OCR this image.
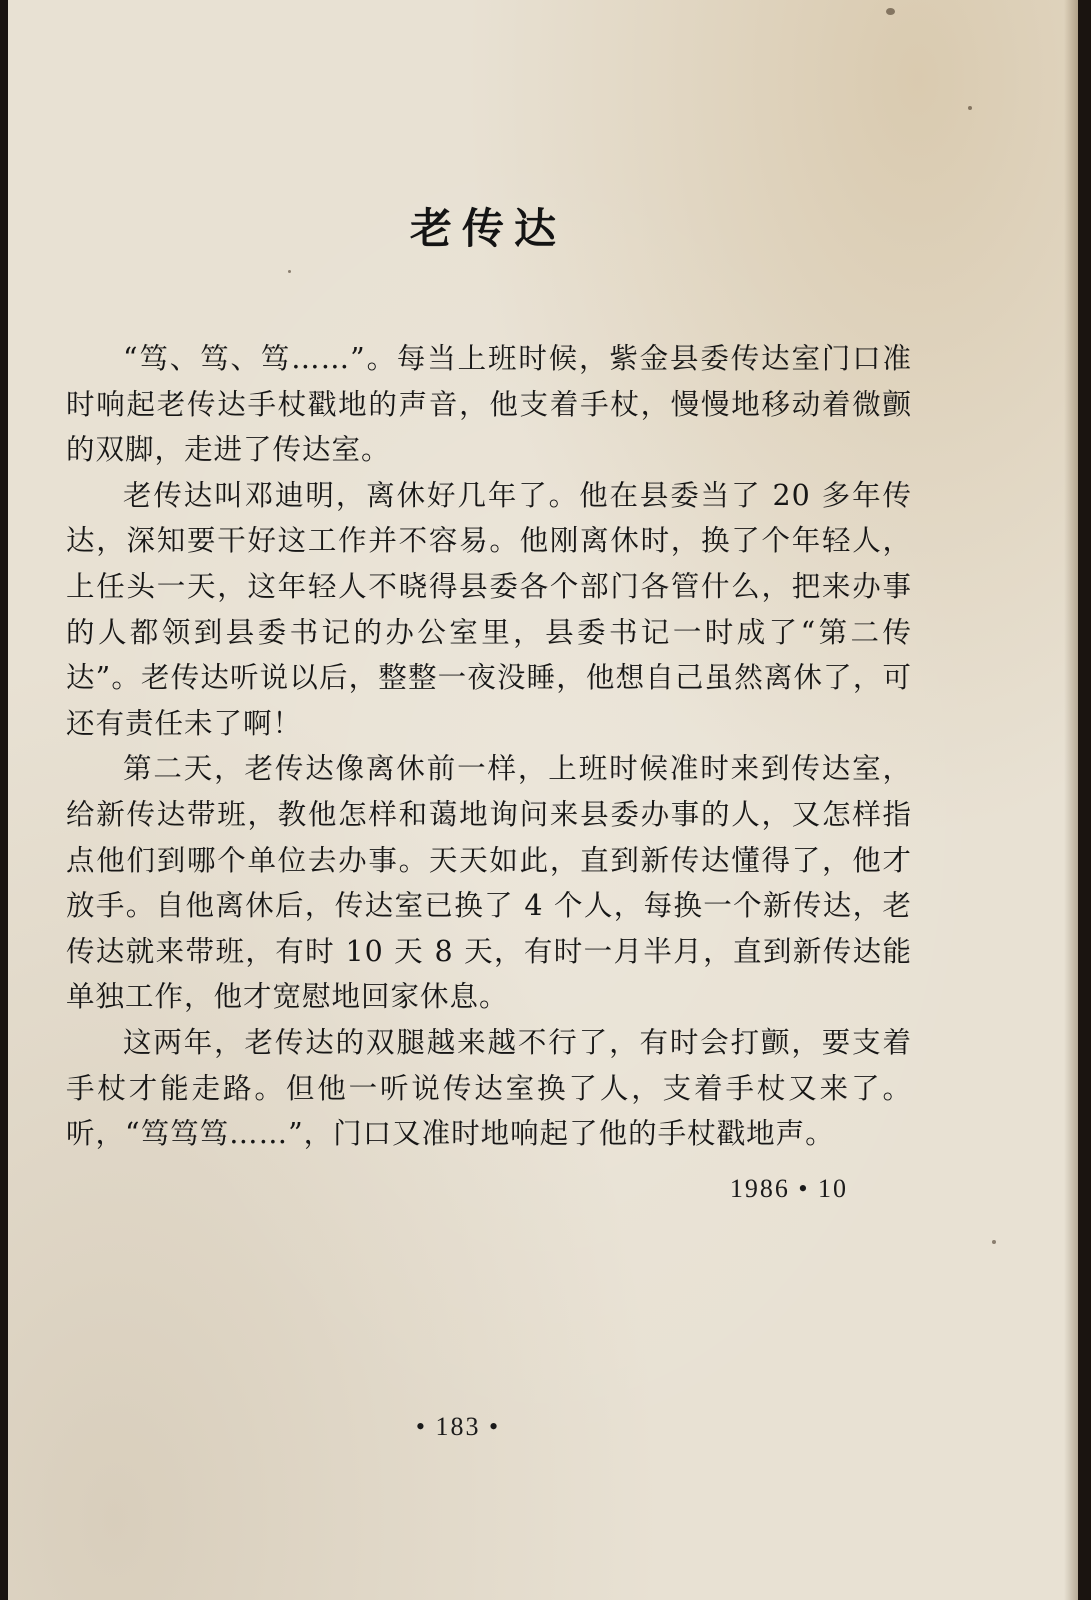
老传达

“笃、笃、笃……”。每当上班时候，紫金县委传达室门口准时响起老传达手杖戳地的声音，他支着手杖，慢慢地移动着微颤的双脚，走进了传达室。

老传达叫邓迪明，离休好几年了。他在县委当了 20 多年传达，深知要干好这工作并不容易。他刚离休时，换了个年轻人，上任头一天，这年轻人不晓得县委各个部门各管什么，把来办事的人都领到县委书记的办公室里，县委书记一时成了“第二传达”。老传达听说以后，整整一夜没睡，他想自己虽然离休了，可还有责任未了啊！

第二天，老传达像离休前一样，上班时候准时来到传达室，给新传达带班，教他怎样和蔼地询问来县委办事的人，又怎样指点他们到哪个单位去办事。天天如此，直到新传达懂得了，他才放手。自他离休后，传达室已换了 4 个人，每换一个新传达，老传达就来带班，有时 10 天 8 天，有时一月半月，直到新传达能单独工作，他才宽慰地回家休息。

这两年，老传达的双腿越来越不行了，有时会打颤，要支着手杖才能走路。但他一听说传达室换了人，支着手杖又来了。听，“笃笃笃……”，门口又准时地响起了他的手杖戳地声。

1986 • 10
• 183 •
